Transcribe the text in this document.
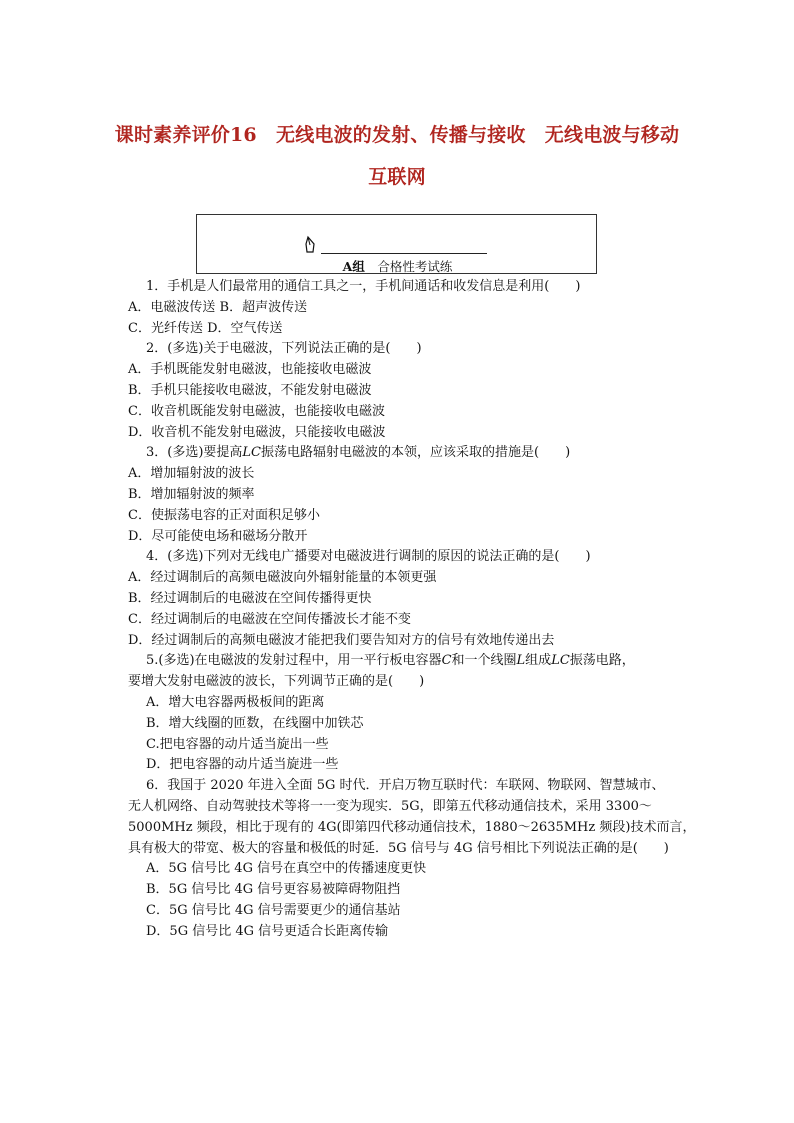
课时素养评价16　无线电波的发射、传播与接收　无线电波与移动
互联网
A组　 合格性考试练
1．手机是人们最常用的通信工具之一，手机间通话和收发信息是利用(　　)
A．电磁波传送 B．超声波传送
C．光纤传送 D．空气传送
2．(多选)关于电磁波，下列说法正确的是(　　)
A．手机既能发射电磁波，也能接收电磁波
B．手机只能接收电磁波，不能发射电磁波
C．收音机既能发射电磁波，也能接收电磁波
D．收音机不能发射电磁波，只能接收电磁波
3．(多选)要提高LC振荡电路辐射电磁波的本领，应该采取的措施是(　　)
A．增加辐射波的波长
B．增加辐射波的频率
C．使振荡电容的正对面积足够小
D．尽可能使电场和磁场分散开
4．(多选)下列对无线电广播要对电磁波进行调制的原因的说法正确的是(　　)
A．经过调制后的高频电磁波向外辐射能量的本领更强
B．经过调制后的电磁波在空间传播得更快
C．经过调制后的电磁波在空间传播波长才能不变
D．经过调制后的高频电磁波才能把我们要告知对方的信号有效地传递出去
5.(多选)在电磁波的发射过程中，用一平行板电容器C和一个线圈L组成LC振荡电路，
要增大发射电磁波的波长，下列调节正确的是(　　)
A．增大电容器两极板间的距离
B．增大线圈的匝数，在线圈中加铁芯
C.把电容器的动片适当旋出一些
D．把电容器的动片适当旋进一些
6．我国于 2020 年进入全面 5G 时代．开启万物互联时代：车联网、物联网、智慧城市、
无人机网络、自动驾驶技术等将一一变为现实．5G，即第五代移动通信技术，采用 3300～
5000MHz 频段，相比于现有的 4G(即第四代移动通信技术，1880～2635MHz 频段)技术而言，
具有极大的带宽、极大的容量和极低的时延．5G 信号与 4G 信号相比下列说法正确的是(　　)
A．5G 信号比 4G 信号在真空中的传播速度更快
B．5G 信号比 4G 信号更容易被障碍物阻挡
C．5G 信号比 4G 信号需要更少的通信基站
D．5G 信号比 4G 信号更适合长距离传输
